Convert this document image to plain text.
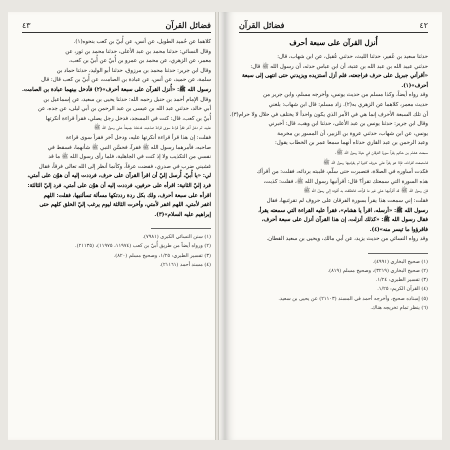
٤٣	فضائل القرآن
كلاهما عن حُميد الطويل، عن أنس، عن أُبيّ بن كعب بنحوه(١).
وقال النسائي: حدثنا محمد بن عبد الأعلى، حدثنا محمد بن ثور، عن
معمر، عن الزهري، عن محمد بن عمرو بن أُبيّ عن أُبيّ بن كعب،
وقال ابن جرير: حدثنا محمد بن مرزوق، حدثنا أبو الوليد، حدثنا حماد بن
سلمة، عن حميد، عن أنس، عن عبادة بن الصامت، عن أُبيّ بن كعب قال: قال
رسول الله ﷺ: «أُنزل القرآن على سبعة أحرف»(٢) فأدخل بينهما عبادة بن الصامت.
وقال الإمام أحمد بن حنبل رحمه الله: حدثنا يحيى بن سعيد، عن إسماعيل بن
أبي خالد، حدثني عبد الله بن عيسى بن عبد الرحمن بن أبي ليلى، عن جده، عن
أُبيّ بن كعب، قال: كنت في المسجد، فدخل رجل يصلي، فقرأ قراءة أنكرتها
عليه، ثم دخل آخر فقرأ قراءة سوى قراءة صاحبه، فدخلنا جميعاً على رسول الله ﷺ
فقلت: إن هذا قرأ قراءة أنكرتها عليه، ودخل آخر فقرأ سوى قراءة
صاحبه، فأمرهما رسول الله ﷺ فقرآ، فحسَّن النبي ﷺ شأنهما، فسقط في
نفسي من التكذيب ولا إذ كنت في الجاهلية، فلما رأى رسول الله ﷺ ما قد
غشيني ضرب في صدري، ففضت عرقاً، وكأنما أنظر إلى الله تعالى فرقاً، فقال
لي: «يا أُبيّ، أُرسل إليّ أن اقرأ القرآن على حرف، فرددت إليه أن هوّن على أمتي،
فرد إليّ الثانية: اقرأه على حرفين، فرددت إليه أن هوّن على أمتي، فرد إليّ الثالثة:
اقرأه على سبعة أحرف، ولك بكل ردة رددتكها مسألة تسألنيها، فقلت: اللهم
اغفر لأمتي، اللهم اغفر لأمتي، وأخرت الثالثة ليوم يرغب إليّ الخلق كلهم حتى
إبراهيم عليه السلام»(٣).
(١) سنن النسائي الكبرى (٧٩٨١).
(٢) ورواه أيضاً من طريق أُبيّ بن كعب (١١٩٧٤، ١١٩٧٥)، (٢١١٣٥).
(٣) تفسير الطبري: ١/٢٥، وصحيح مسلم (٨٢٠).
(٤) مسند أحمد (٢١١٦١).
فضائل القرآن	٤٢
أُنزل القرآن على سبعة أحرف
حدثنا سعيد بن عُفير، حدثنا الليث، حدثني عُقيل، عن ابن شهاب، قال:
حدثني عبيد الله بن عبد الله بن عتبة، أن ابن عباس حدثه، أن رسول الله ﷺ قال:
«أقرأني جبريل على حرف فراجعته، فلم أزل أستزيده ويزيدني حتى انتهى إلى سبعة
أحرف»(١).
وقد رواه أيضاً، وكذا مسلم من حديث يونس، وأخرجه مسلم، وابن جرير من
حديث معمر، كلاهما عن الزهري به(٢). زاد مسلم: قال ابن شهاب: بلغني
أن تلك السبعة الأحرف إنما هي في الأمر الذي يكون واحداً لا يختلف في حلال ولا حرام(٣).
وقال ابن جرير: حدثنا يونس بن عبد الأعلى، حدثنا ابن وهب، قال: أخبرني
يونس، عن ابن شهاب، حدثني عروة بن الزبير، أن المسور بن مخرمة
وعبد الرحمن بن عبد القاري حدثاه أنهما سمعا عمر بن الخطاب يقول:
سمعت هشام بن حكيم يقرأ سورة الفرقان في حياة رسول الله ﷺ،
فاستمعت لقراءته، فإذا هو يقرأ على حروف كثيرة لم يقرئنيها رسول الله ﷺ
فكدت أساوره في الصلاة، فتصبرت حتى سلّم، فلببته بردائه، فقلت: من أقرأك
هذه السورة التي سمعتك تقرأ؟ قال: أقرأنيها رسول الله ﷺ، فقلت: كذبت،
فإن رسول الله ﷺ قد أقرأنيها على غير ما قرأت، فانطلقت به أقوده إلى رسول الله ﷺ
فقلت: إني سمعت هذا يقرأ بسورة الفرقان على حروف لم تقرئنيها، فقال
رسول الله ﷺ: «أرسله، اقرأ يا هشام»، فقرأ عليه القراءة التي سمعته يقرأ،
فقال رسول الله ﷺ: «كذلك أنزلت، إن هذا القرآن أنزل على سبعة أحرف،
فاقرؤوا ما تيسر منه»(٤).
وقد رواه النسائي من حديث يزيد، عن أبي مالك، ويحيى بن سعيد القطان.
(١) صحيح البخاري (٤٩٩١).
(٢) صحيح البخاري (٣٢١٩)، وصحيح مسلم (٨١٩).
(٣) تفسير الطبري: ١/٢٤.
(٤) القرآن الكريم: ١/٢٥.
(٥) إسناده صحيح، وأخرجه أحمد في المسند (٢١١٠٣) عن يحيى بن سعيد.
(٦) ينظر تمام تخريجه هناك.
